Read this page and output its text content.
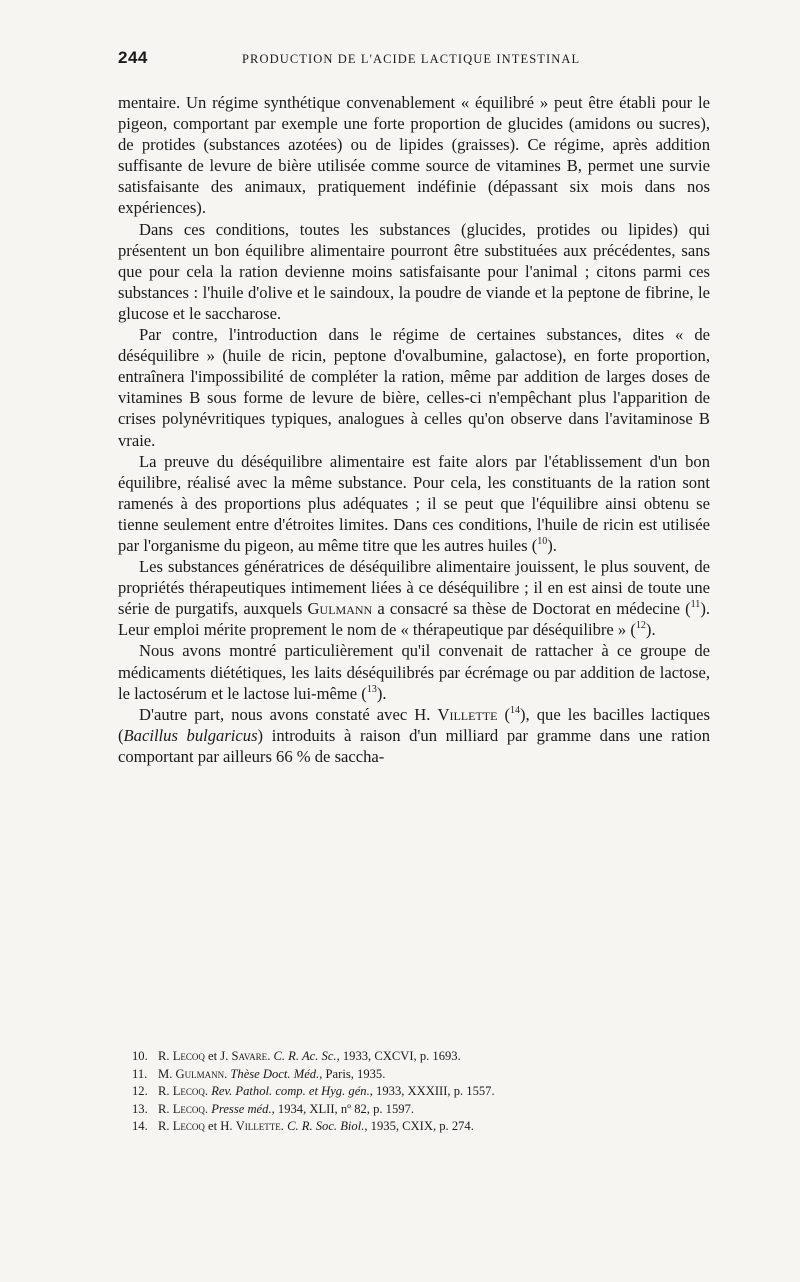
244	PRODUCTION DE L'ACIDE LACTIQUE INTESTINAL

mentaire. Un régime synthétique convenablement « équilibré » peut être établi pour le pigeon, comportant par exemple une forte proportion de glucides (amidons ou sucres), de protides (substances azotées) ou de lipides (graisses). Ce régime, après addition suffisante de levure de bière utilisée comme source de vitamines B, permet une survie satisfaisante des animaux, pratiquement indéfinie (dépassant six mois dans nos expériences).

Dans ces conditions, toutes les substances (glucides, protides ou lipides) qui présentent un bon équilibre alimentaire pourront être substituées aux précédentes, sans que pour cela la ration devienne moins satisfaisante pour l'animal ; citons parmi ces substances : l'huile d'olive et le saindoux, la poudre de viande et la peptone de fibrine, le glucose et le saccharose.

Par contre, l'introduction dans le régime de certaines substances, dites « de déséquilibre » (huile de ricin, peptone d'ovalbumine, galactose), en forte proportion, entraînera l'impossibilité de compléter la ration, même par addition de larges doses de vitamines B sous forme de levure de bière, celles-ci n'empêchant plus l'apparition de crises polynévritiques typiques, analogues à celles qu'on observe dans l'avitaminose B vraie.

La preuve du déséquilibre alimentaire est faite alors par l'établissement d'un bon équilibre, réalisé avec la même substance. Pour cela, les constituants de la ration sont ramenés à des proportions plus adéquates ; il se peut que l'équilibre ainsi obtenu se tienne seulement entre d'étroites limites. Dans ces conditions, l'huile de ricin est utilisée par l'organisme du pigeon, au même titre que les autres huiles ($^{10}$).

Les substances génératrices de déséquilibre alimentaire jouissent, le plus souvent, de propriétés thérapeutiques intimement liées à ce déséquilibre ; il en est ainsi de toute une série de purgatifs, auxquels Gulmann a consacré sa thèse de Doctorat en médecine ($^{11}$). Leur emploi mérite proprement le nom de « thérapeutique par déséquilibre » ($^{12}$).

Nous avons montré particulièrement qu'il convenait de rattacher à ce groupe de médicaments diététiques, les laits déséquilibrés par écrémage ou par addition de lactose, le lactosérum et le lactose lui-même ($^{13}$).

D'autre part, nous avons constaté avec H. Villette ($^{14}$), que les bacilles lactiques (Bacillus bulgaricus) introduits à raison d'un milliard par gramme dans une ration comportant par ailleurs 66 % de saccha-

10. R. Lecoq et J. Savare. C. R. Ac. Sc., 1933, CXCVI, p. 1693.
11. M. Gulmann. Thèse Doct. Méd., Paris, 1935.
12. R. Lecoq. Rev. Pathol. comp. et Hyg. gén., 1933, XXXIII, p. 1557.
13. R. Lecoq. Presse méd., 1934, XLII, nº 82, p. 1597.
14. R. Lecoq et H. Villette. C. R. Soc. Biol., 1935, CXIX, p. 274.
